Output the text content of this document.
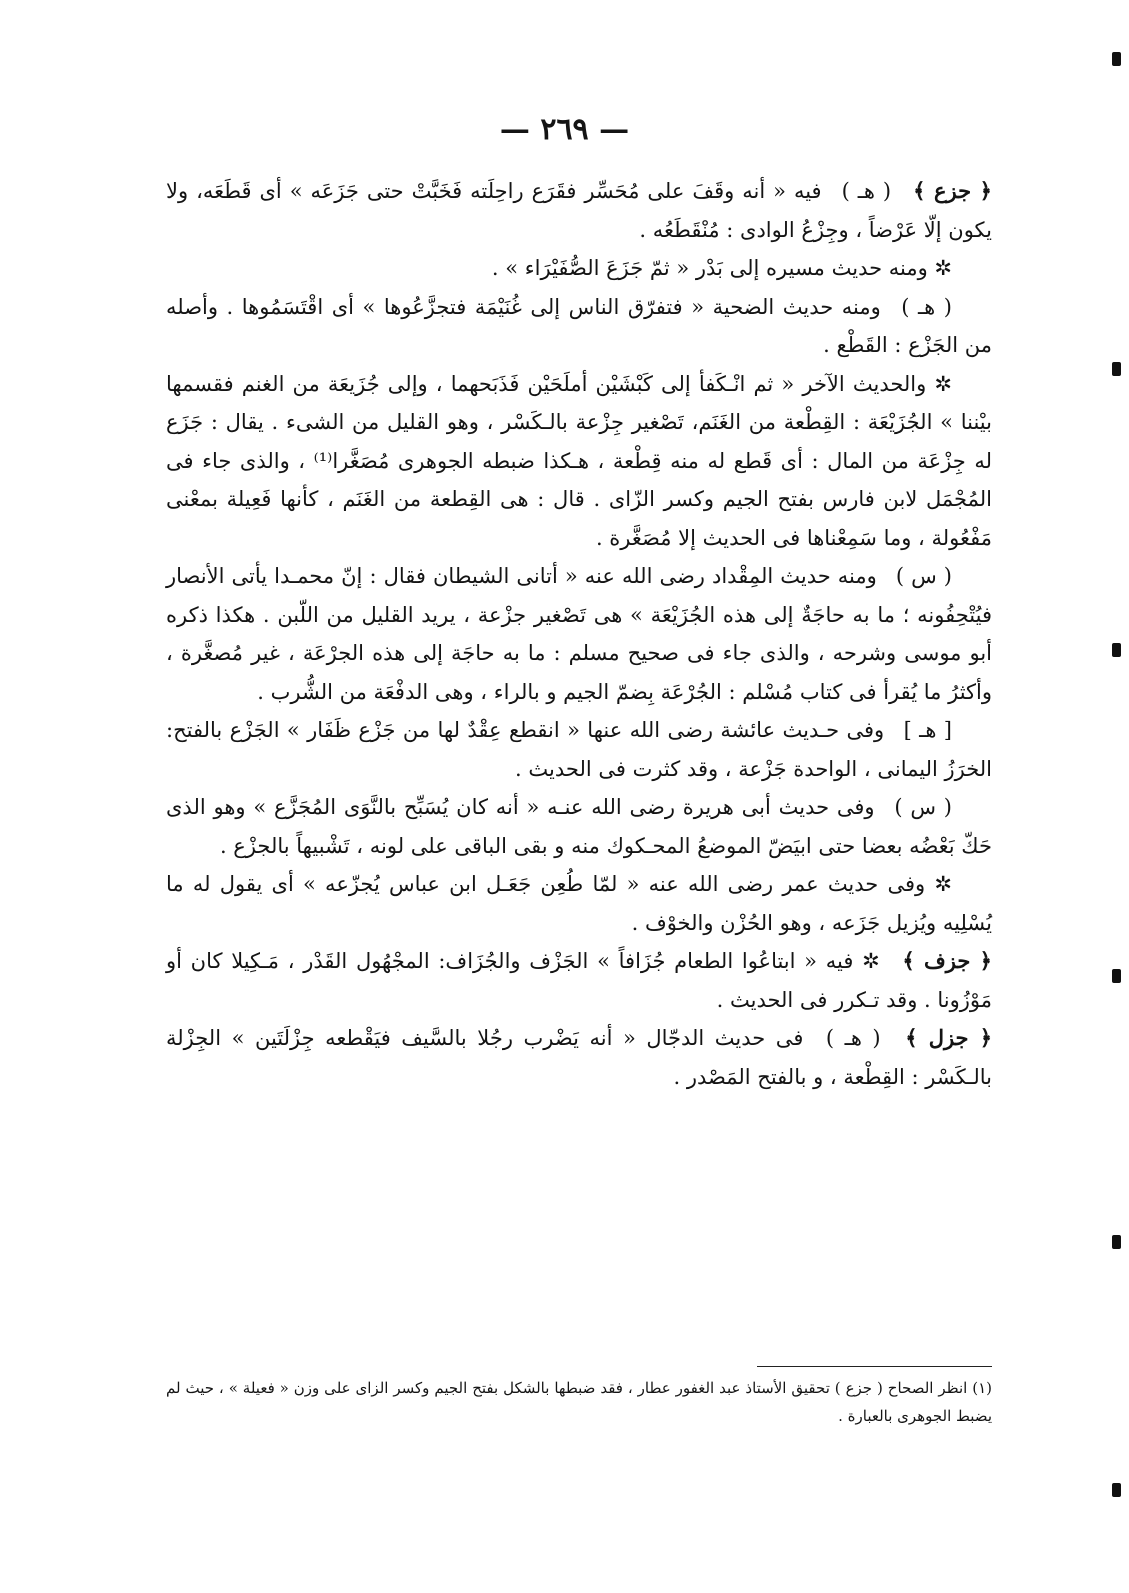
— ٢٦٩ —

﴿ جزع ﴾ ( هـ ) فيه « أنه وقَفَ على مُحَسِّر فقَرَع راحِلَته فَخَبَّتْ حتى جَزَعَه » أى قَطَعَه، ولا يكون إلّا عَرْضاً ، وجِزْعُ الوادى : مُنْقَطَعُه .

✲ ومنه حديث مسيره إلى بَدْر « ثمّ جَزَعَ الصُّفَيْرَاء » .

( هـ ) ومنه حديث الضحية « فتفرّق الناس إلى غُنَيْمَة فتجزَّعُوها » أى اقْتَسَمُوها . وأصله من الجَزْع : القَطْع .

✲ والحديث الآخر « ثم انْـكَفأ إلى كَبْشَيْن أملَحَيْن فَذَبَحهما ، وإلى جُزَيعَة من الغنم فقسمها بيْننا » الجُزَيْعَة : القِطْعة من الغَنَم، تَصْغير جِزْعة بالـكَسْر ، وهو القليل من الشىء . يقال : جَزَع له جِزْعَة من المال : أى قَطع له منه قِطْعة ، هـكذا ضبطه الجوهرى مُصَغَّرا⁽¹⁾ ، والذى جاء فى المُجْمَل لابن فارس بفتح الجيم وكسر الزّاى . قال : هى القِطعة من الغَنَم ، كأنها فَعِيلة بمعْنى مَفْعُولة ، وما سَمِعْناها فى الحديث إلا مُصَغَّرة .

( س ) ومنه حديث المِقْداد رضى الله عنه « أتانى الشيطان فقال : إنّ محمـدا يأتى الأنصار فيُتْحِفُونه ؛ ما به حاجَةٌ إلى هذه الجُزَيْعَة » هى تَصْغير جزْعة ، يريد القليل من اللّبن . هكذا ذكره أبو موسى وشرحه ، والذى جاء فى صحيح مسلم : ما به حاجَة إلى هذه الجرْعَة ، غير مُصغَّرة ، وأكثرُ ما يُقرأ فى كتاب مُسْلم : الجُرْعَة بِضمّ الجيم و بالراء ، وهى الدفْعَة من الشُّرب .

[ هـ ] وفى حـديث عائشة رضى الله عنها « انقطع عِقْدٌ لها من جَزْع ظَفَار » الجَزْع بالفتح: الخرَزُ اليمانى ، الواحدة جَزْعة ، وقد كثرت فى الحديث .

( س ) وفى حديث أبى هريرة رضى الله عنـه « أنه كان يُسَبِّح بالنَّوَى المُجَزَّع » وهو الذى حَكّ بَعْضُه بعضا حتى ابيَضّ الموضعُ المحـكوك منه و بقى الباقى على لونه ، تَشْبيهاً بالجزْع .

✲ وفى حديث عمر رضى الله عنه « لمّا طُعِن جَعَـل ابن عباس يُجزّعه » أى يقول له ما يُسْلِيه ويُزيل جَزَعه ، وهو الحُزْن والخوْف .

﴿ جزف ﴾ ✲ فيه « ابتاعُوا الطعام جُزَافاً » الجَزْف والجُزَاف: المجْهُول القَدْر ، مَـكِيلا كان أو مَوْزُونا . وقد تـكرر فى الحديث .

﴿ جزل ﴾ ( هـ ) فى حديث الدجّال « أنه يَضْرب رجُلا بالسَّيف فيَقْطعه جِزْلَتَين » الجِزْلة بالـكَسْر : القِطْعة ، و بالفتح المَصْدر .

(١) انظر الصحاح ( جزع ) تحقيق الأستاذ عبد الغفور عطار ، فقد ضبطها بالشكل بفتح الجيم وكسر الزاى على وزن « فعيلة » ، حيث لم يضبط الجوهرى بالعبارة .
